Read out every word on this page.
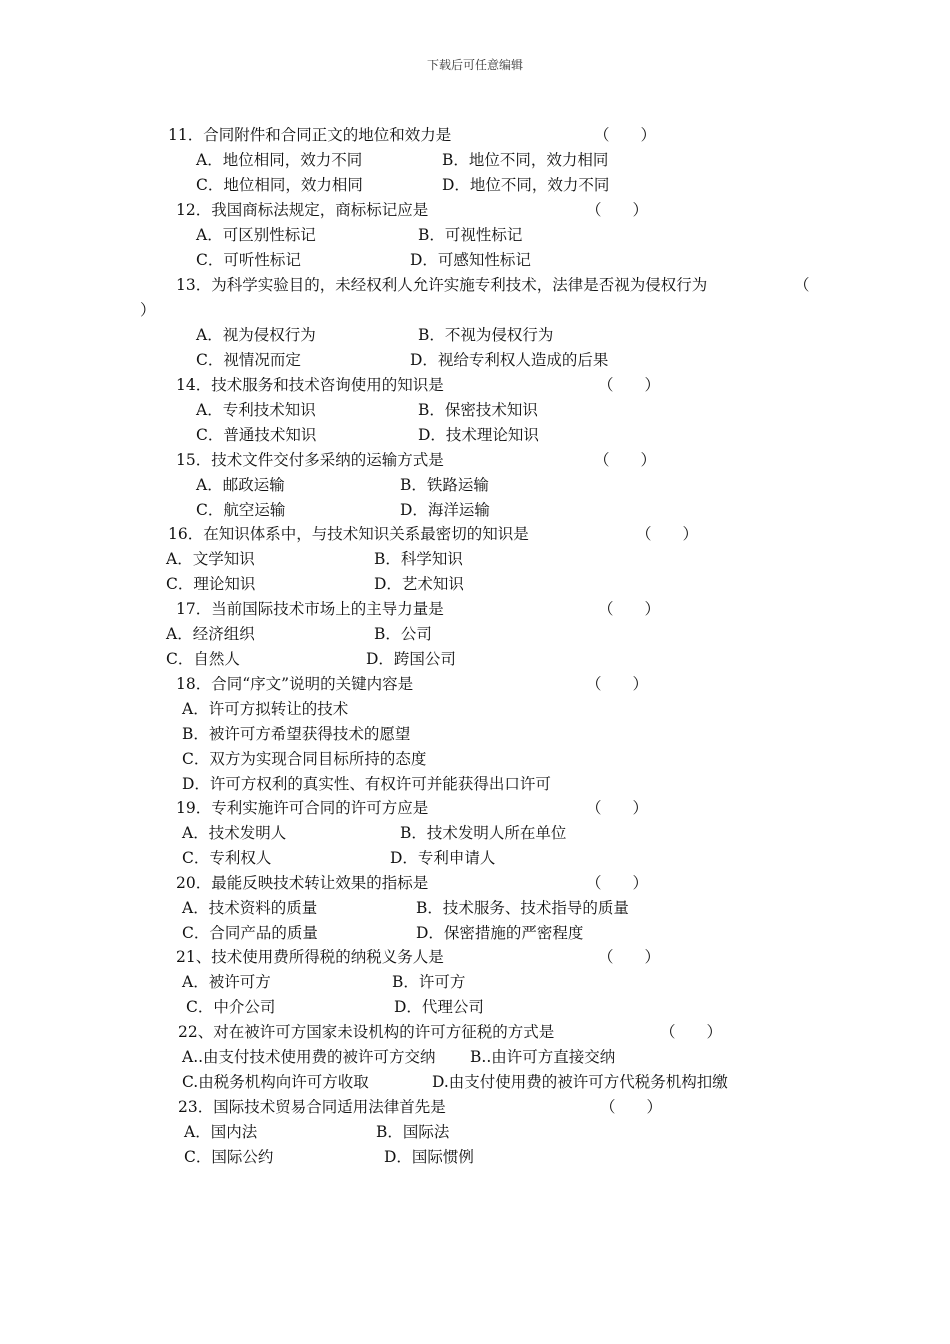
下载后可任意编辑
11．合同附件和合同正文的地位和效力是	（　　）
A．地位相同，效力不同	B．地位不同，效力相同
C．地位相同，效力相同	D．地位不同，效力不同
12．我国商标法规定，商标标记应是	（　　）
A．可区别性标记	B．可视性标记
C．可听性标记	D．可感知性标记
13．为科学实验目的，未经权利人允许实施专利技术，法律是否视为侵权行为	（
）
A．视为侵权行为	B．不视为侵权行为
C．视情况而定	D．视给专利权人造成的后果
14．技术服务和技术咨询使用的知识是	（　　）
A．专利技术知识	B．保密技术知识
C．普通技术知识	D．技术理论知识
15．技术文件交付多采纳的运输方式是	（　　）
A．邮政运输	B．铁路运输
C．航空运输	D．海洋运输
16．在知识体系中，与技术知识关系最密切的知识是	（　　）
A．文学知识	B．科学知识
C．理论知识	D．艺术知识
17．当前国际技术市场上的主导力量是	（　　）
A．经济组织	B．公司
C．自然人	D．跨国公司
18．合同“序文”说明的关键内容是	（　　）
A．许可方拟转让的技术
B．被许可方希望获得技术的愿望
C．双方为实现合同目标所持的态度
D．许可方权利的真实性、有权许可并能获得出口许可
19．专利实施许可合同的许可方应是	（　　）
A．技术发明人	B．技术发明人所在单位
C．专利权人	D．专利申请人
20．最能反映技术转让效果的指标是	（　　）
A．技术资料的质量	B．技术服务、技术指导的质量
C．合同产品的质量	D．保密措施的严密程度
21、技术使用费所得税的纳税义务人是	（　　）
A．被许可方	B．许可方
C．中介公司	D．代理公司
22、对在被许可方国家未设机构的许可方征税的方式是	（　　）
A..由支付技术使用费的被许可方交纳 B..由许可方直接交纳
C.由税务机构向许可方收取	D.由支付使用费的被许可方代税务机构扣缴
23．国际技术贸易合同适用法律首先是	（　　）
A．国内法	B．国际法
C．国际公约	D．国际惯例
